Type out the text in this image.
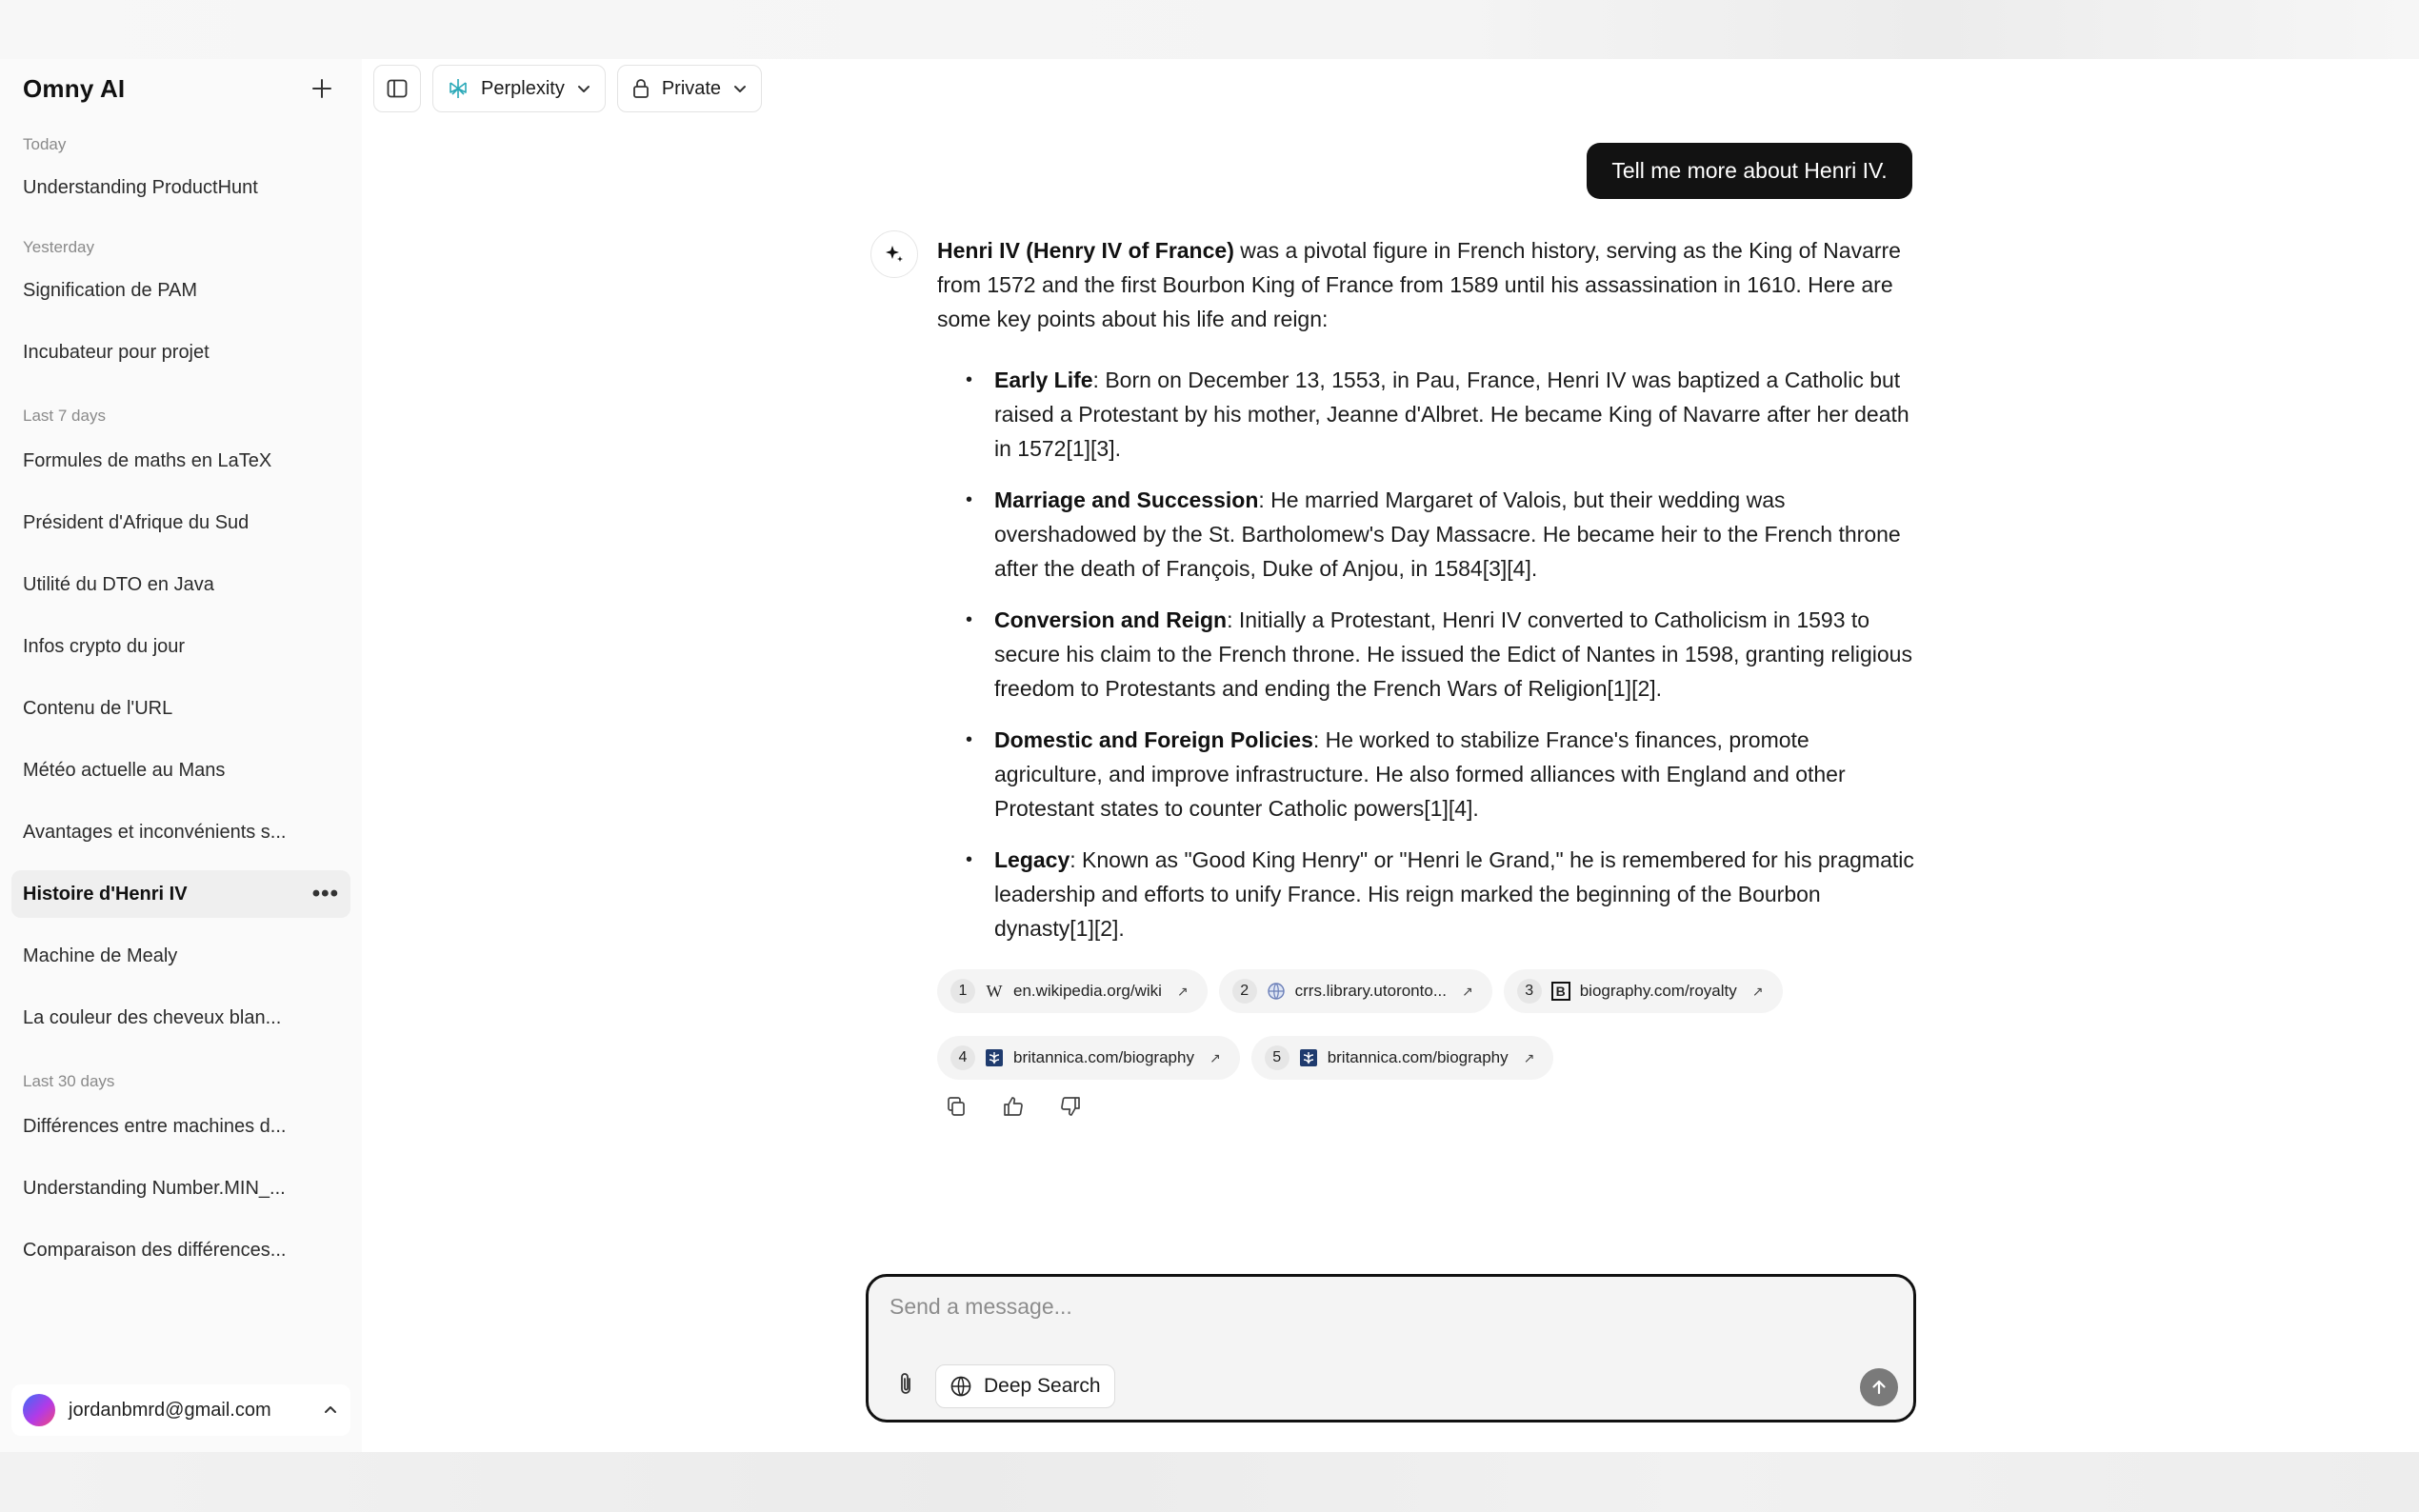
Omny AI
Today
Understanding ProductHunt
Yesterday
Signification de PAM
Incubateur pour projet
Last 7 days
Formules de maths en LaTeX
Président d'Afrique du Sud
Utilité du DTO en Java
Infos crypto du jour
Contenu de l'URL
Météo actuelle au Mans
Avantages et inconvénients s...
Histoire d'Henri IV	•••
Machine de Mealy
La couleur des cheveux blan...
Last 30 days
Différences entre machines d...
Understanding Number.MIN_...
Comparaison des différences...
jordanbmrd@gmail.com
Perplexity	Private
Tell me more about Henri IV.

Henri IV (Henry IV of France) was a pivotal figure in French history, serving as the King of Navarre from 1572 and the first Bourbon King of France from 1589 until his assassination in 1610. Here are some key points about his life and reign:

• Early Life: Born on December 13, 1553, in Pau, France, Henri IV was baptized a Catholic but raised a Protestant by his mother, Jeanne d'Albret. He became King of Navarre after her death in 1572[1][3].
• Marriage and Succession: He married Margaret of Valois, but their wedding was overshadowed by the St. Bartholomew's Day Massacre. He became heir to the French throne after the death of François, Duke of Anjou, in 1584[3][4].
• Conversion and Reign: Initially a Protestant, Henri IV converted to Catholicism in 1593 to secure his claim to the French throne. He issued the Edict of Nantes in 1598, granting religious freedom to Protestants and ending the French Wars of Religion[1][2].
• Domestic and Foreign Policies: He worked to stabilize France's finances, promote agriculture, and improve infrastructure. He also formed alliances with England and other Protestant states to counter Catholic powers[1][4].
• Legacy: Known as "Good King Henry" or "Henri le Grand," he is remembered for his pragmatic leadership and efforts to unify France. His reign marked the beginning of the Bourbon dynasty[1][2].
1	W en.wikipedia.org/wiki ↗	2	crrs.library.utoronto... ↗	3	B biography.com/royalty ↗
4	britannica.com/biography ↗	5	britannica.com/biography ↗
Send a message...
Deep Search
